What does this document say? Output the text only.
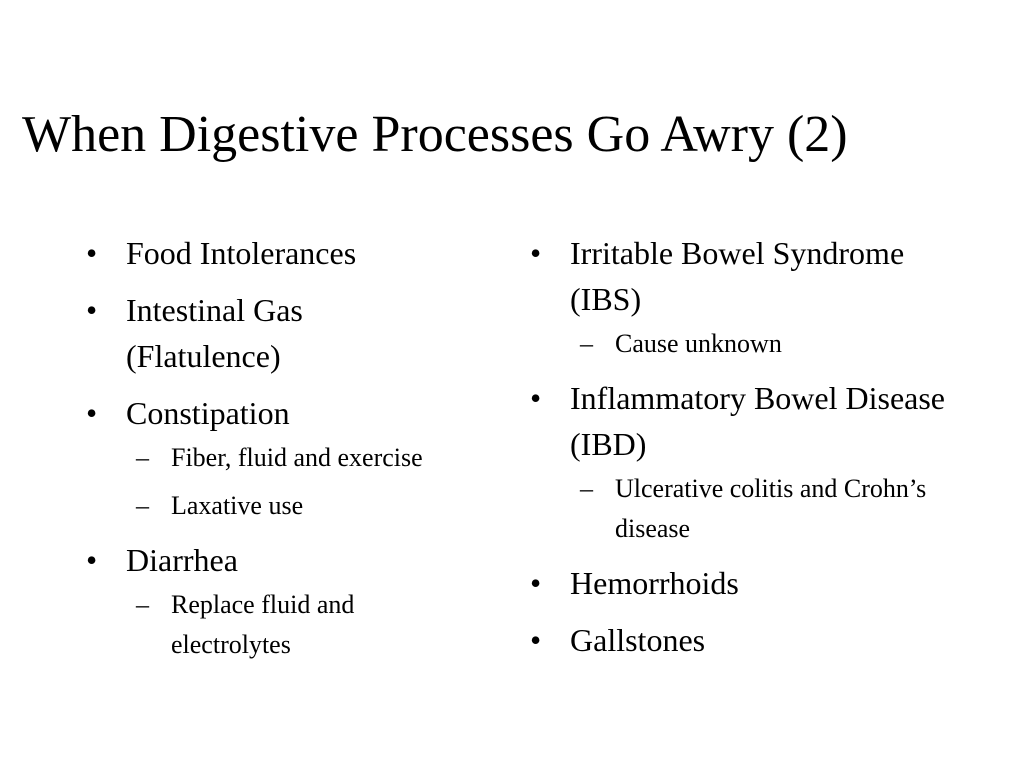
When Digestive Processes Go Awry (2)
• Food Intolerances
• Intestinal Gas (Flatulence)
• Constipation
– Fiber, fluid and exercise
– Laxative use
• Diarrhea
– Replace fluid and electrolytes
• Irritable Bowel Syndrome (IBS)
– Cause unknown
• Inflammatory Bowel Disease (IBD)
– Ulcerative colitis and Crohn’s disease
• Hemorrhoids
• Gallstones
